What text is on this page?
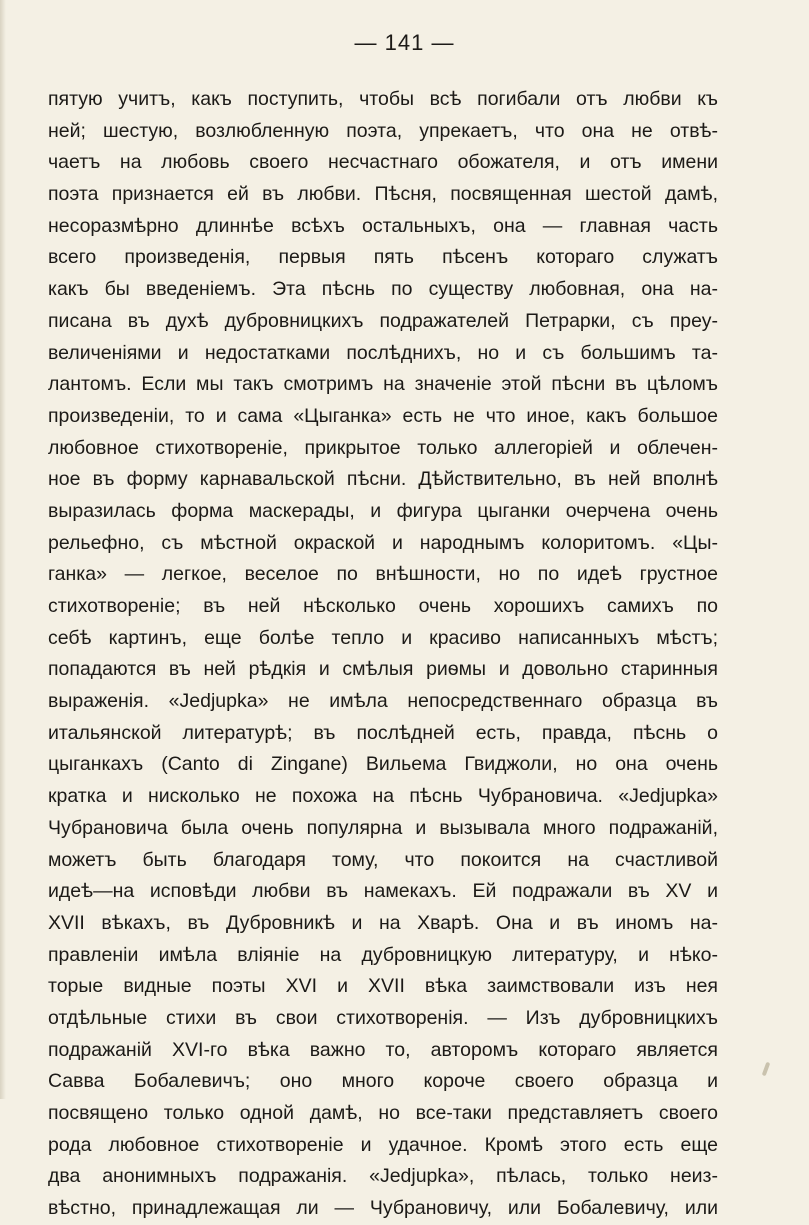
— 141 —
пятую учитъ, какъ поступить, чтобы всѣ погибали отъ любви къ
ней; шестую, возлюбленную поэта, упрекаетъ, что она не отвѣ-
чаетъ на любовь своего несчастнаго обожателя, и отъ имени
поэта признается ей въ любви. Пѣсня, посвященная шестой дамѣ,
несоразмѣрно длиннѣе всѣхъ остальныхъ, она — главная часть
всего произведенія, первыя пять пѣсенъ котораго служатъ
какъ бы введеніемъ. Эта пѣснь по существу любовная, она на-
писана въ духѣ дубровницкихъ подражателей Петрарки, съ преу-
величеніями и недостатками послѣднихъ, но и съ большимъ та-
лантомъ. Если мы такъ смотримъ на значеніе этой пѣсни въ цѣломъ
произведеніи, то и сама «Цыганка» есть не что иное, какъ большое
любовное стихотвореніе, прикрытое только аллегоріей и облечен-
ное въ форму карнавальской пѣсни. Дѣйствительно, въ ней вполнѣ
выразилась форма маскерады, и фигура цыганки очерчена очень
рельефно, съ мѣстной окраской и народнымъ колоритомъ. «Цы-
ганка» — легкое, веселое по внѣшности, но по идеѣ грустное
стихотвореніе; въ ней нѣсколько очень хорошихъ самихъ по
себѣ картинъ, еще болѣе тепло и красиво написанныхъ мѣстъ;
попадаются въ ней рѣдкія и смѣлыя риѳмы и довольно старинныя
выраженія. «Jedjupka» не имѣла непосредственнаго образца въ
итальянской литературѣ; въ послѣдней есть, правда, пѣснь о
цыганкахъ (Canto di Zingane) Вильема Гвиджоли, но она очень
кратка и нисколько не похожа на пѣснь Чубрановича. «Jedjupka»
Чубрановича была очень популярна и вызывала много подражаній,
можетъ быть благодаря тому, что покоится на счастливой
идеѣ—на исповѣди любви въ намекахъ. Ей подражали въ XV и
XVII вѣкахъ, въ Дубровникѣ и на Хварѣ. Она и въ иномъ на-
правленіи имѣла вліяніе на дубровницкую литературу, и нѣко-
торые видные поэты XVI и XVII вѣка заимствовали изъ нея
отдѣльные стихи въ свои стихотворенія. — Изъ дубровницкихъ
подражаній XVI-го вѣка важно то, авторомъ котораго является
Савва Бобалевичъ; оно много короче своего образца и
посвящено только одной дамѣ, но все-таки представляетъ своего
рода любовное стихотвореніе и удачное. Кромѣ этого есть еще
два анонимныхъ подражанія. «Jedjupka», пѣлась, только неиз-
вѣстно, принадлежащая ли — Чубрановичу, или Бобалевичу, или
